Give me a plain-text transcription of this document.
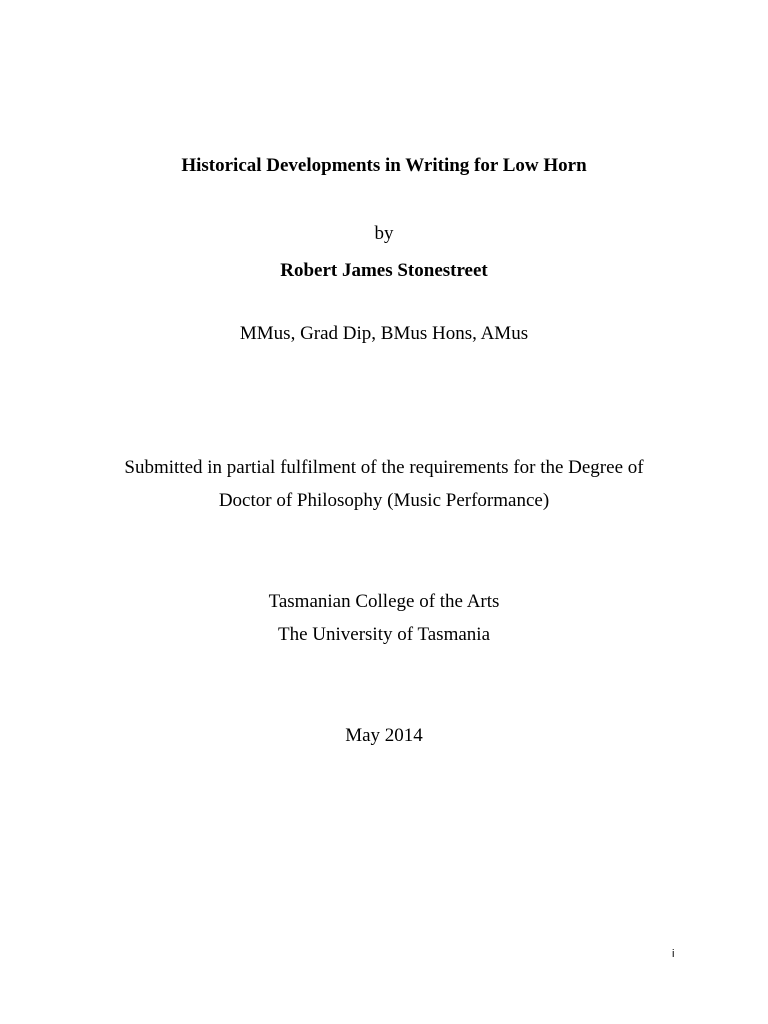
Historical Developments in Writing for Low Horn
by
Robert James Stonestreet
MMus, Grad Dip, BMus Hons, AMus
Submitted in partial fulfilment of the requirements for the Degree of
Doctor of Philosophy (Music Performance)
Tasmanian College of the Arts
The University of Tasmania
May 2014
i
